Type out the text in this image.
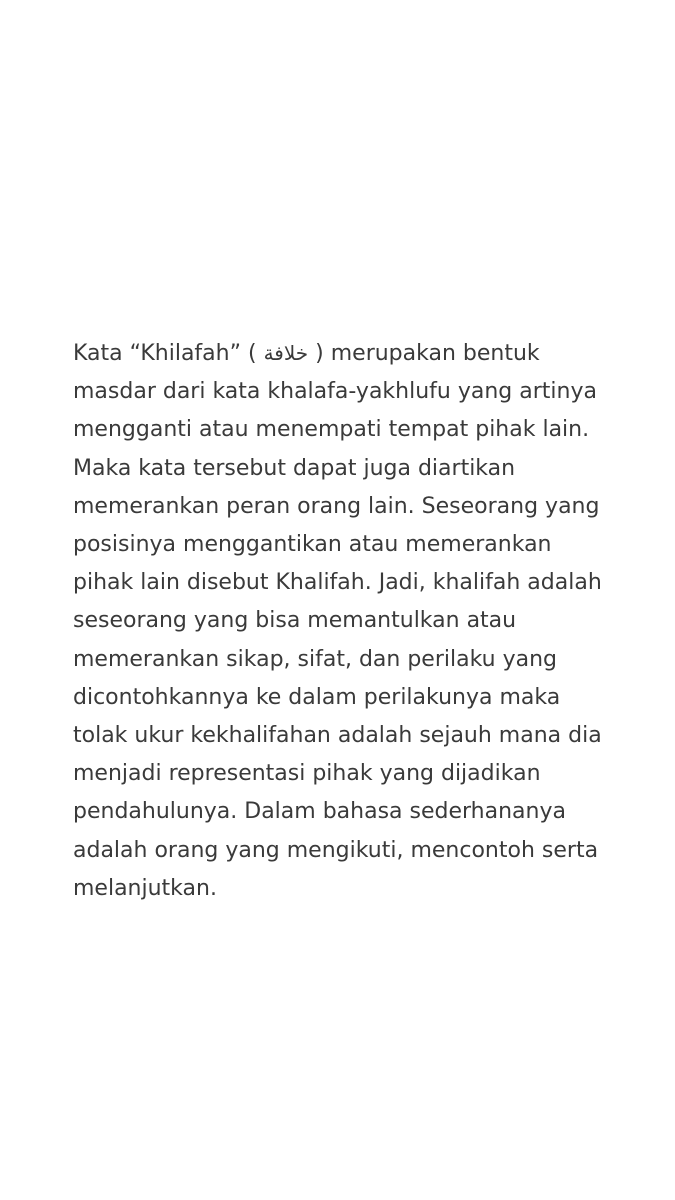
Kata “Khilafah” ( خلافة ) merupakan bentuk
masdar dari kata khalafa-yakhlufu yang artinya
mengganti atau menempati tempat pihak lain.
Maka kata tersebut dapat juga diartikan
memerankan peran orang lain. Seseorang yang
posisinya menggantikan atau memerankan
pihak lain disebut Khalifah. Jadi, khalifah adalah
seseorang yang bisa memantulkan atau
memerankan sikap, sifat, dan perilaku yang
dicontohkannya ke dalam perilakunya maka
tolak ukur kekhalifahan adalah sejauh mana dia
menjadi representasi pihak yang dijadikan
pendahulunya. Dalam bahasa sederhananya
adalah orang yang mengikuti, mencontoh serta
melanjutkan.
